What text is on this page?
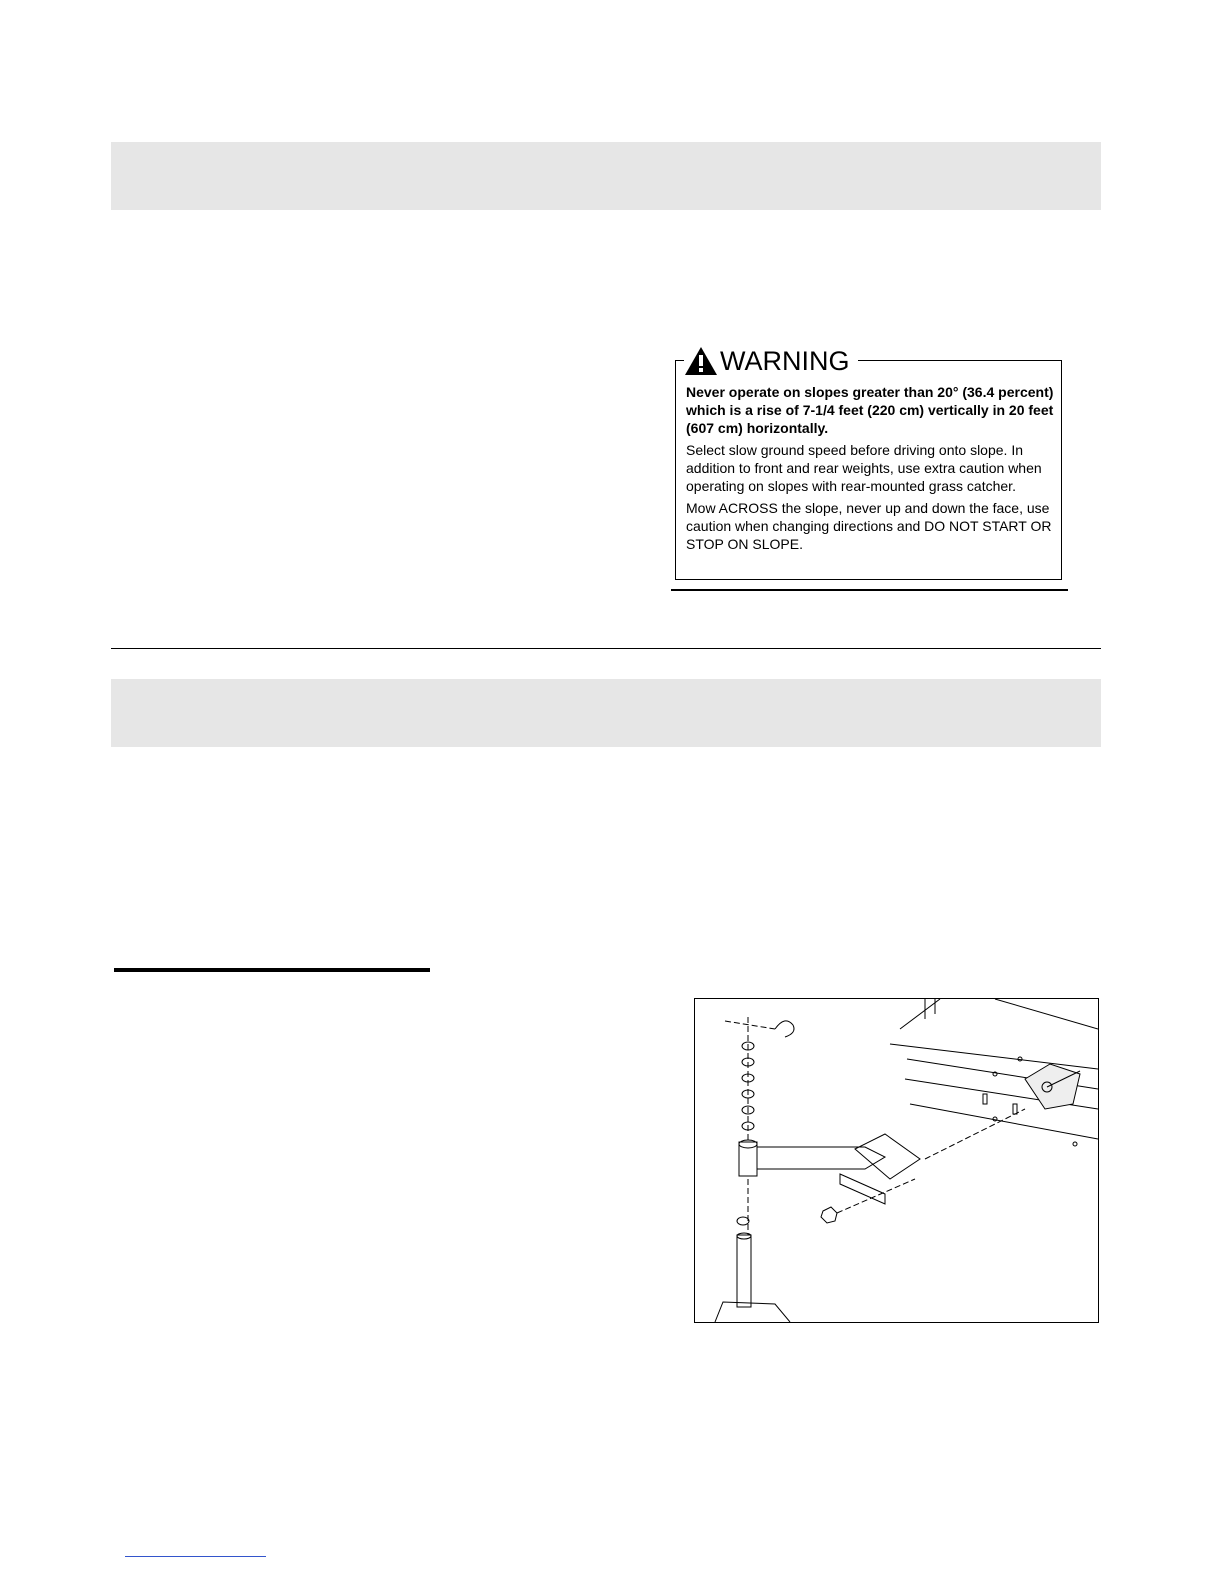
WARNING

Never operate on slopes greater than 20° (36.4 percent) which is a rise of 7-1/4 feet (220 cm) vertically in 20 feet (607 cm) horizontally.

Select slow ground speed before driving onto slope. In addition to front and rear weights, use extra caution when operating on slopes with rear-mounted grass catcher.

Mow ACROSS the slope, never up and down the face, use caution when changing directions and DO NOT START OR STOP ON SLOPE.
